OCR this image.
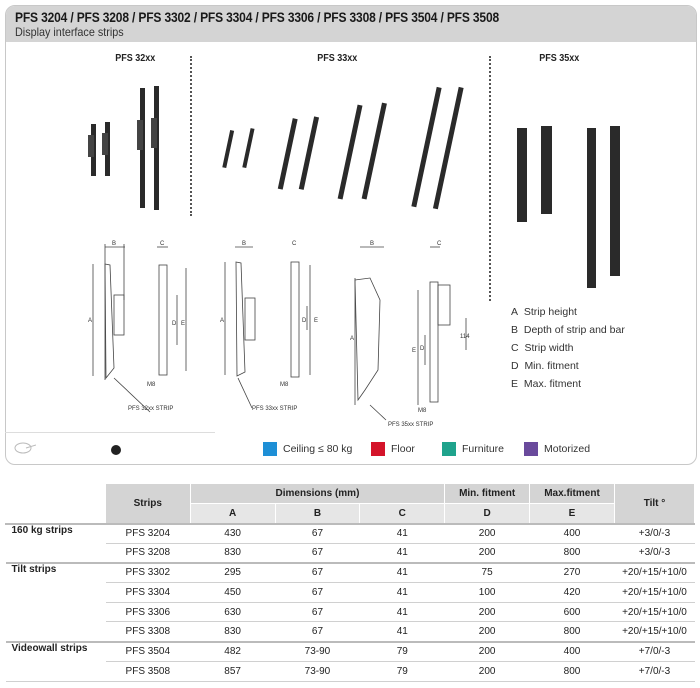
PFS 3204 / PFS 3208 / PFS 3302 / PFS 3304 / PFS 3306 / PFS 3308 / PFS 3504 / PFS 3508
Display interface strips
PFS 32xx	PFS 33xx	PFS 35xx
B	C
A	D E
M8
PFS 32xx STRIP
B	C
A	D E
M8
PFS 33xx STRIP
B	C
A
D
E
114
M8
PFS 35xx STRIP
A Strip height
B Depth of strip and bar
C Strip width
D Min. fitment
E Max. fitment
Ceiling ≤ 80 kg	Floor	Furniture	Motorized
	Strips	Dimensions (mm)			Min. fitment	Max.fitment	Tilt °
		A	B	C	D	E	
160 kg strips	PFS 3204	430	67	41	200	400	+3/0/-3
	PFS 3208	830	67	41	200	800	+3/0/-3
Tilt strips	PFS 3302	295	67	41	75	270	+20/+15/+10/0
	PFS 3304	450	67	41	100	420	+20/+15/+10/0
	PFS 3306	630	67	41	200	600	+20/+15/+10/0
	PFS 3308	830	67	41	200	800	+20/+15/+10/0
Videowall strips	PFS 3504	482	73-90	79	200	400	+7/0/-3
	PFS 3508	857	73-90	79	200	800	+7/0/-3
